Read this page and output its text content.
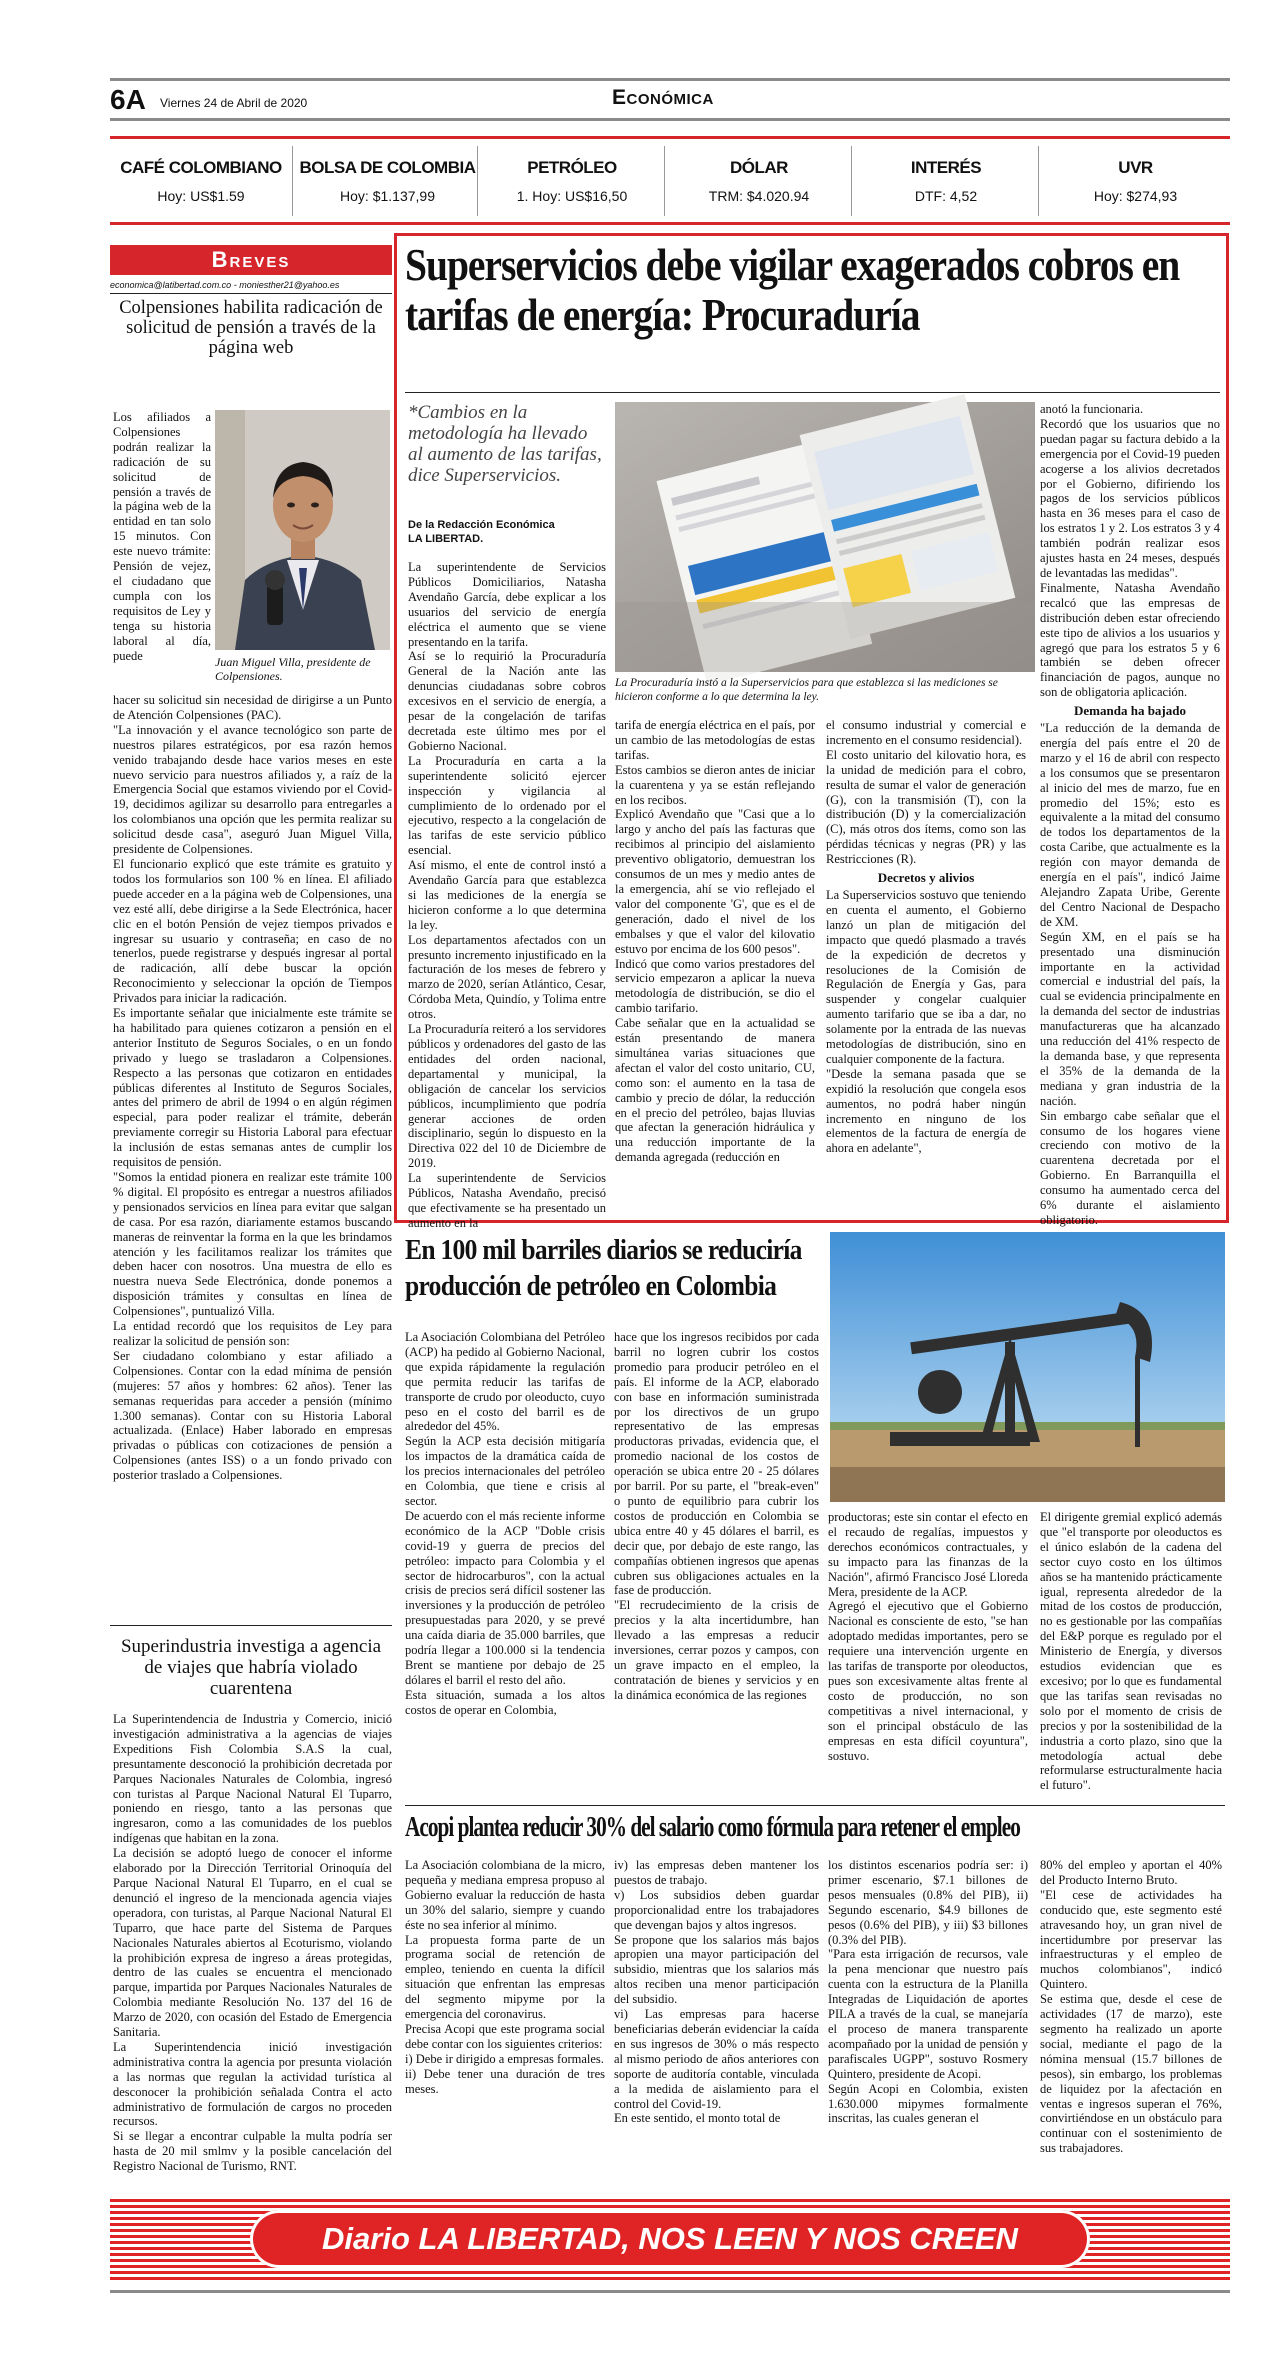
6A Viernes 24 de Abril de 2020	Económica
CAFÉ COLOMBIANO
Hoy: US$1.59
BOLSA DE COLOMBIA
Hoy: $1.137,99
PETRÓLEO
1. Hoy: US$16,50
DÓLAR
TRM: $4.020.94
INTERÉS
DTF: 4,52
UVR
Hoy: $274,93
Breves
economica@latibertad.com.co - moniesther21@yahoo.es
Colpensiones habilita radicación de solicitud de pensión a través de la página web
Juan Miguel Villa, presidente de Colpensiones.

Los afiliados a Colpensiones podrán realizar la radicación de su solicitud de pensión a través de la página web de la entidad en tan solo 15 minutos. Con este nuevo trámite: Pensión de vejez, el ciudadano que cumpla con los requisitos de Ley y tenga su historia laboral al día, puede

hacer su solicitud sin necesidad de dirigirse a un Punto de Atención Colpensiones (PAC).

"La innovación y el avance tecnológico son parte de nuestros pilares estratégicos, por esa razón hemos venido trabajando desde hace varios meses en este nuevo servicio para nuestros afiliados y, a raíz de la Emergencia Social que estamos viviendo por el Covid-19, decidimos agilizar su desarrollo para entregarles a los colombianos una opción que les permita realizar su solicitud desde casa", aseguró Juan Miguel Villa, presidente de Colpensiones.

El funcionario explicó que este trámite es gratuito y todos los formularios son 100 % en línea. El afiliado puede acceder en a la página web de Colpensiones, una vez esté allí, debe dirigirse a la Sede Electrónica, hacer clic en el botón Pensión de vejez tiempos privados e ingresar su usuario y contraseña; en caso de no tenerlos, puede registrarse y después ingresar al portal de radicación, allí debe buscar la opción Reconocimiento y seleccionar la opción de Tiempos Privados para iniciar la radicación.

Es importante señalar que inicialmente este trámite se ha habilitado para quienes cotizaron a pensión en el anterior Instituto de Seguros Sociales, o en un fondo privado y luego se trasladaron a Colpensiones. Respecto a las personas que cotizaron en entidades públicas diferentes al Instituto de Seguros Sociales, antes del primero de abril de 1994 o en algún régimen especial, para poder realizar el trámite, deberán previamente corregir su Historia Laboral para efectuar la inclusión de estas semanas antes de cumplir los requisitos de pensión.

"Somos la entidad pionera en realizar este trámite 100 % digital. El propósito es entregar a nuestros afiliados y pensionados servicios en línea para evitar que salgan de casa. Por esa razón, diariamente estamos buscando maneras de reinventar la forma en la que les brindamos atención y les facilitamos realizar los trámites que deben hacer con nosotros. Una muestra de ello es nuestra nueva Sede Electrónica, donde ponemos a disposición trámites y consultas en línea de Colpensiones", puntualizó Villa.

La entidad recordó que los requisitos de Ley para realizar la solicitud de pensión son:

Ser ciudadano colombiano y estar afiliado a Colpensiones. Contar con la edad mínima de pensión (mujeres: 57 años y hombres: 62 años). Tener las semanas requeridas para acceder a pensión (mínimo 1.300 semanas). Contar con su Historia Laboral actualizada. (Enlace) Haber laborado en empresas privadas o públicas con cotizaciones de pensión a Colpensiones (antes ISS) o a un fondo privado con posterior traslado a Colpensiones.

Superindustria investiga a agencia de viajes que habría violado cuarentena

La Superintendencia de Industria y Comercio, inició investigación administrativa a la agencias de viajes Expeditions Fish Colombia S.A.S la cual, presuntamente desconoció la prohibición decretada por Parques Nacionales Naturales de Colombia, ingresó con turistas al Parque Nacional Natural El Tuparro, poniendo en riesgo, tanto a las personas que ingresaron, como a las comunidades de los pueblos indígenas que habitan en la zona.

La decisión se adoptó luego de conocer el informe elaborado por la Dirección Territorial Orinoquía del Parque Nacional Natural El Tuparro, en el cual se denunció el ingreso de la mencionada agencia viajes operadora, con turistas, al Parque Nacional Natural El Tuparro, que hace parte del Sistema de Parques Nacionales Naturales abiertos al Ecoturismo, violando la prohibición expresa de ingreso a áreas protegidas, dentro de las cuales se encuentra el mencionado parque, impartida por Parques Nacionales Naturales de Colombia mediante Resolución No. 137 del 16 de Marzo de 2020, con ocasión del Estado de Emergencia Sanitaria.

La Superintendencia inició investigación administrativa contra la agencia por presunta violación a las normas que regulan la actividad turística al desconocer la prohibición señalada Contra el acto administrativo de formulación de cargos no proceden recursos.

Si se llegar a encontrar culpable la multa podría ser hasta de 20 mil smlmv y la posible cancelación del Registro Nacional de Turismo, RNT.

Superservicios debe vigilar exagerados cobros en tarifas de energía: Procuraduría
*Cambios en la metodología ha llevado al aumento de las tarifas, dice Superservicios.
De la Redacción Económica
LA LIBERTAD.
La Procuraduría instó a la Superservicios para que establezca si las mediciones se hicieron conforme a lo que determina la ley.

La superintendente de Servicios Públicos Domiciliarios, Natasha Avendaño García, debe explicar a los usuarios del servicio de energía eléctrica el aumento que se viene presentando en la tarifa.

Así se lo requirió la Procuraduría General de la Nación ante las denuncias ciudadanas sobre cobros excesivos en el servicio de energía, a pesar de la congelación de tarifas decretada este último mes por el Gobierno Nacional.

La Procuraduría en carta a la superintendente solicitó ejercer inspección y vigilancia al cumplimiento de lo ordenado por el ejecutivo, respecto a la congelación de las tarifas de este servicio público esencial.

Así mismo, el ente de control instó a Avendaño García para que establezca si las mediciones de la energía se hicieron conforme a lo que determina la ley.

Los departamentos afectados con un presunto incremento injustificado en la facturación de los meses de febrero y marzo de 2020, serían Atlántico, Cesar, Córdoba Meta, Quindío, y Tolima entre otros.

La Procuraduría reiteró a los servidores públicos y ordenadores del gasto de las entidades del orden nacional, departamental y municipal, la obligación de cancelar los servicios públicos, incumplimiento que podría generar acciones de orden disciplinario, según lo dispuesto en la Directiva 022 del 10 de Diciembre de 2019.

La superintendente de Servicios Públicos, Natasha Avendaño, precisó que efectivamente se ha presentado un aumento en la

tarifa de energía eléctrica en el país, por un cambio de las metodologías de estas tarifas.

Estos cambios se dieron antes de iniciar la cuarentena y ya se están reflejando en los recibos.

Explicó Avendaño que "Casi que a lo largo y ancho del país las facturas que recibimos al principio del aislamiento preventivo obligatorio, demuestran los consumos de un mes y medio antes de la emergencia, ahí se vio reflejado el valor del componente 'G', que es el de generación, dado el nivel de los embalses y que el valor del kilovatio estuvo por encima de los 600 pesos".

Indicó que como varios prestadores del servicio empezaron a aplicar la nueva metodología de distribución, se dio el cambio tarifario.

Cabe señalar que en la actualidad se están presentando de manera simultánea varias situaciones que afectan el valor del costo unitario, CU, como son: el aumento en la tasa de cambio y precio de dólar, la reducción en el precio del petróleo, bajas lluvias que afectan la generación hidráulica y una reducción importante de la demanda agregada (reducción en

el consumo industrial y comercial e incremento en el consumo residencial).

El costo unitario del kilovatio hora, es la unidad de medición para el cobro, resulta de sumar el valor de generación (G), con la transmisión (T), con la distribución (D) y la comercialización (C), más otros dos ítems, como son las pérdidas técnicas y negras (PR) y las Restricciones (R).

Decretos y alivios

La Superservicios sostuvo que teniendo en cuenta el aumento, el Gobierno lanzó un plan de mitigación del impacto que quedó plasmado a través de la expedición de decretos y resoluciones de la Comisión de Regulación de Energía y Gas, para suspender y congelar cualquier aumento tarifario que se iba a dar, no solamente por la entrada de las nuevas metodologías de distribución, sino en cualquier componente de la factura.

"Desde la semana pasada que se expidió la resolución que congela esos aumentos, no podrá haber ningún incremento en ninguno de los elementos de la factura de energía de ahora en adelante",

anotó la funcionaria.

Recordó que los usuarios que no puedan pagar su factura debido a la emergencia por el Covid-19 pueden acogerse a los alivios decretados por el Gobierno, difiriendo los pagos de los servicios públicos hasta en 36 meses para el caso de los estratos 1 y 2. Los estratos 3 y 4 también podrán realizar esos ajustes hasta en 24 meses, después de levantadas las medidas".

Finalmente, Natasha Avendaño recalcó que las empresas de distribución deben estar ofreciendo este tipo de alivios a los usuarios y agregó que para los estratos 5 y 6 también se deben ofrecer financiación de pagos, aunque no son de obligatoria aplicación.

Demanda ha bajado

"La reducción de la demanda de energía del país entre el 20 de marzo y el 16 de abril con respecto a los consumos que se presentaron al inicio del mes de marzo, fue en promedio del 15%; esto es equivalente a la mitad del consumo de todos los departamentos de la costa Caribe, que actualmente es la región con mayor demanda de energía en el país", indicó Jaime Alejandro Zapata Uribe, Gerente del Centro Nacional de Despacho de XM.

Según XM, en el país se ha presentado una disminución importante en la actividad comercial e industrial del país, la cual se evidencia principalmente en la demanda del sector de industrias manufactureras que ha alcanzado una reducción del 41% respecto de la demanda base, y que representa el 35% de la demanda de la mediana y gran industria de la nación.

Sin embargo cabe señalar que el consumo de los hogares viene creciendo con motivo de la cuarentena decretada por el Gobierno. En Barranquilla el consumo ha aumentado cerca del 6% durante el aislamiento obligatorio.

En 100 mil barriles diarios se reduciría producción de petróleo en Colombia

La Asociación Colombiana del Petróleo (ACP) ha pedido al Gobierno Nacional, que expida rápidamente la regulación que permita reducir las tarifas de transporte de crudo por oleoducto, cuyo peso en el costo del barril es de alrededor del 45%.

Según la ACP esta decisión mitigaría los impactos de la dramática caída de los precios internacionales del petróleo en Colombia, que tiene e crisis al sector.

De acuerdo con el más reciente informe económico de la ACP "Doble crisis covid-19 y guerra de precios del petróleo: impacto para Colombia y el sector de hidrocarburos", con la actual crisis de precios será difícil sostener las inversiones y la producción de petróleo presupuestadas para 2020, y se prevé una caída diaria de 35.000 barriles, que podría llegar a 100.000 si la tendencia Brent se mantiene por debajo de 25 dólares el barril el resto del año.

Esta situación, sumada a los altos costos de operar en Colombia,

hace que los ingresos recibidos por cada barril no logren cubrir los costos promedio para producir petróleo en el país. El informe de la ACP, elaborado con base en información suministrada por los directivos de un grupo representativo de las empresas productoras privadas, evidencia que, el promedio nacional de los costos de operación se ubica entre 20 - 25 dólares por barril. Por su parte, el "break-even" o punto de equilibrio para cubrir los costos de producción en Colombia se ubica entre 40 y 45 dólares el barril, es decir que, por debajo de este rango, las compañías obtienen ingresos que apenas cubren sus obligaciones actuales en la fase de producción.

"El recrudecimiento de la crisis de precios y la alta incertidumbre, han llevado a las empresas a reducir inversiones, cerrar pozos y campos, con un grave impacto en el empleo, la contratación de bienes y servicios y en la dinámica económica de las regiones

productoras; este sin contar el efecto en el recaudo de regalías, impuestos y derechos económicos contractuales, y su impacto para las finanzas de la Nación", afirmó Francisco José Lloreda Mera, presidente de la ACP.

Agregó el ejecutivo que el Gobierno Nacional es consciente de esto, "se han adoptado medidas importantes, pero se requiere una intervención urgente en las tarifas de transporte por oleoductos, pues son excesivamente altas frente al costo de producción, no son competitivas a nivel internacional, y son el principal obstáculo de las empresas en esta difícil coyuntura", sostuvo.

El dirigente gremial explicó además que "el transporte por oleoductos es el único eslabón de la cadena del sector cuyo costo en los últimos años se ha mantenido prácticamente igual, representa alrededor de la mitad de los costos de producción, no es gestionable por las compañías del E&P porque es regulado por el Ministerio de Energía, y diversos estudios evidencian que es excesivo; por lo que es fundamental que las tarifas sean revisadas no solo por el momento de crisis de precios y por la sostenibilidad de la industria a corto plazo, sino que la metodología actual debe reformularse estructuralmente hacia el futuro".

Acopi plantea reducir 30% del salario como fórmula para retener el empleo

La Asociación colombiana de la micro, pequeña y mediana empresa propuso al Gobierno evaluar la reducción de hasta un 30% del salario, siempre y cuando éste no sea inferior al mínimo.

La propuesta forma parte de un programa social de retención de empleo, teniendo en cuenta la difícil situación que enfrentan las empresas del segmento mipyme por la emergencia del coronavirus.

Precisa Acopi que este programa social debe contar con los siguientes criterios:

i) Debe ir dirigido a empresas formales.

ii) Debe tener una duración de tres meses.

iv) las empresas deben mantener los puestos de trabajo.

v) Los subsidios deben guardar proporcionalidad entre los trabajadores que devengan bajos y altos ingresos.

Se propone que los salarios más bajos apropien una mayor participación del subsidio, mientras que los salarios más altos reciben una menor participación del subsidio.

vi) Las empresas para hacerse beneficiarias deberán evidenciar la caída en sus ingresos de 30% o más respecto al mismo periodo de años anteriores con soporte de auditoría contable, vinculada a la medida de aislamiento para el control del Covid-19.

En este sentido, el monto total de

los distintos escenarios podría ser: i) primer escenario, $7.1 billones de pesos mensuales (0.8% del PIB), ii) Segundo escenario, $4.9 billones de pesos (0.6% del PIB), y iii) $3 billones (0.3% del PIB).

"Para esta irrigación de recursos, vale la pena mencionar que nuestro país cuenta con la estructura de la Planilla Integradas de Liquidación de aportes PILA a través de la cual, se manejaría el proceso de manera transparente acompañado por la unidad de pensión y parafiscales UGPP", sostuvo Rosmery Quintero, presidente de Acopi.

Según Acopi en Colombia, existen 1.630.000 mipymes formalmente inscritas, las cuales generan el

80% del empleo y aportan el 40% del Producto Interno Bruto.

"El cese de actividades ha conducido que, este segmento esté atravesando hoy, un gran nivel de incertidumbre por preservar las infraestructuras y el empleo de muchos colombianos", indicó Quintero.

Se estima que, desde el cese de actividades (17 de marzo), este segmento ha realizado un aporte social, mediante el pago de la nómina mensual (15.7 billones de pesos), sin embargo, los problemas de liquidez por la afectación en ventas e ingresos superan el 76%, convirtiéndose en un obstáculo para continuar con el sostenimiento de sus trabajadores.

Diario LA LIBERTAD, NOS LEEN Y NOS CREEN
